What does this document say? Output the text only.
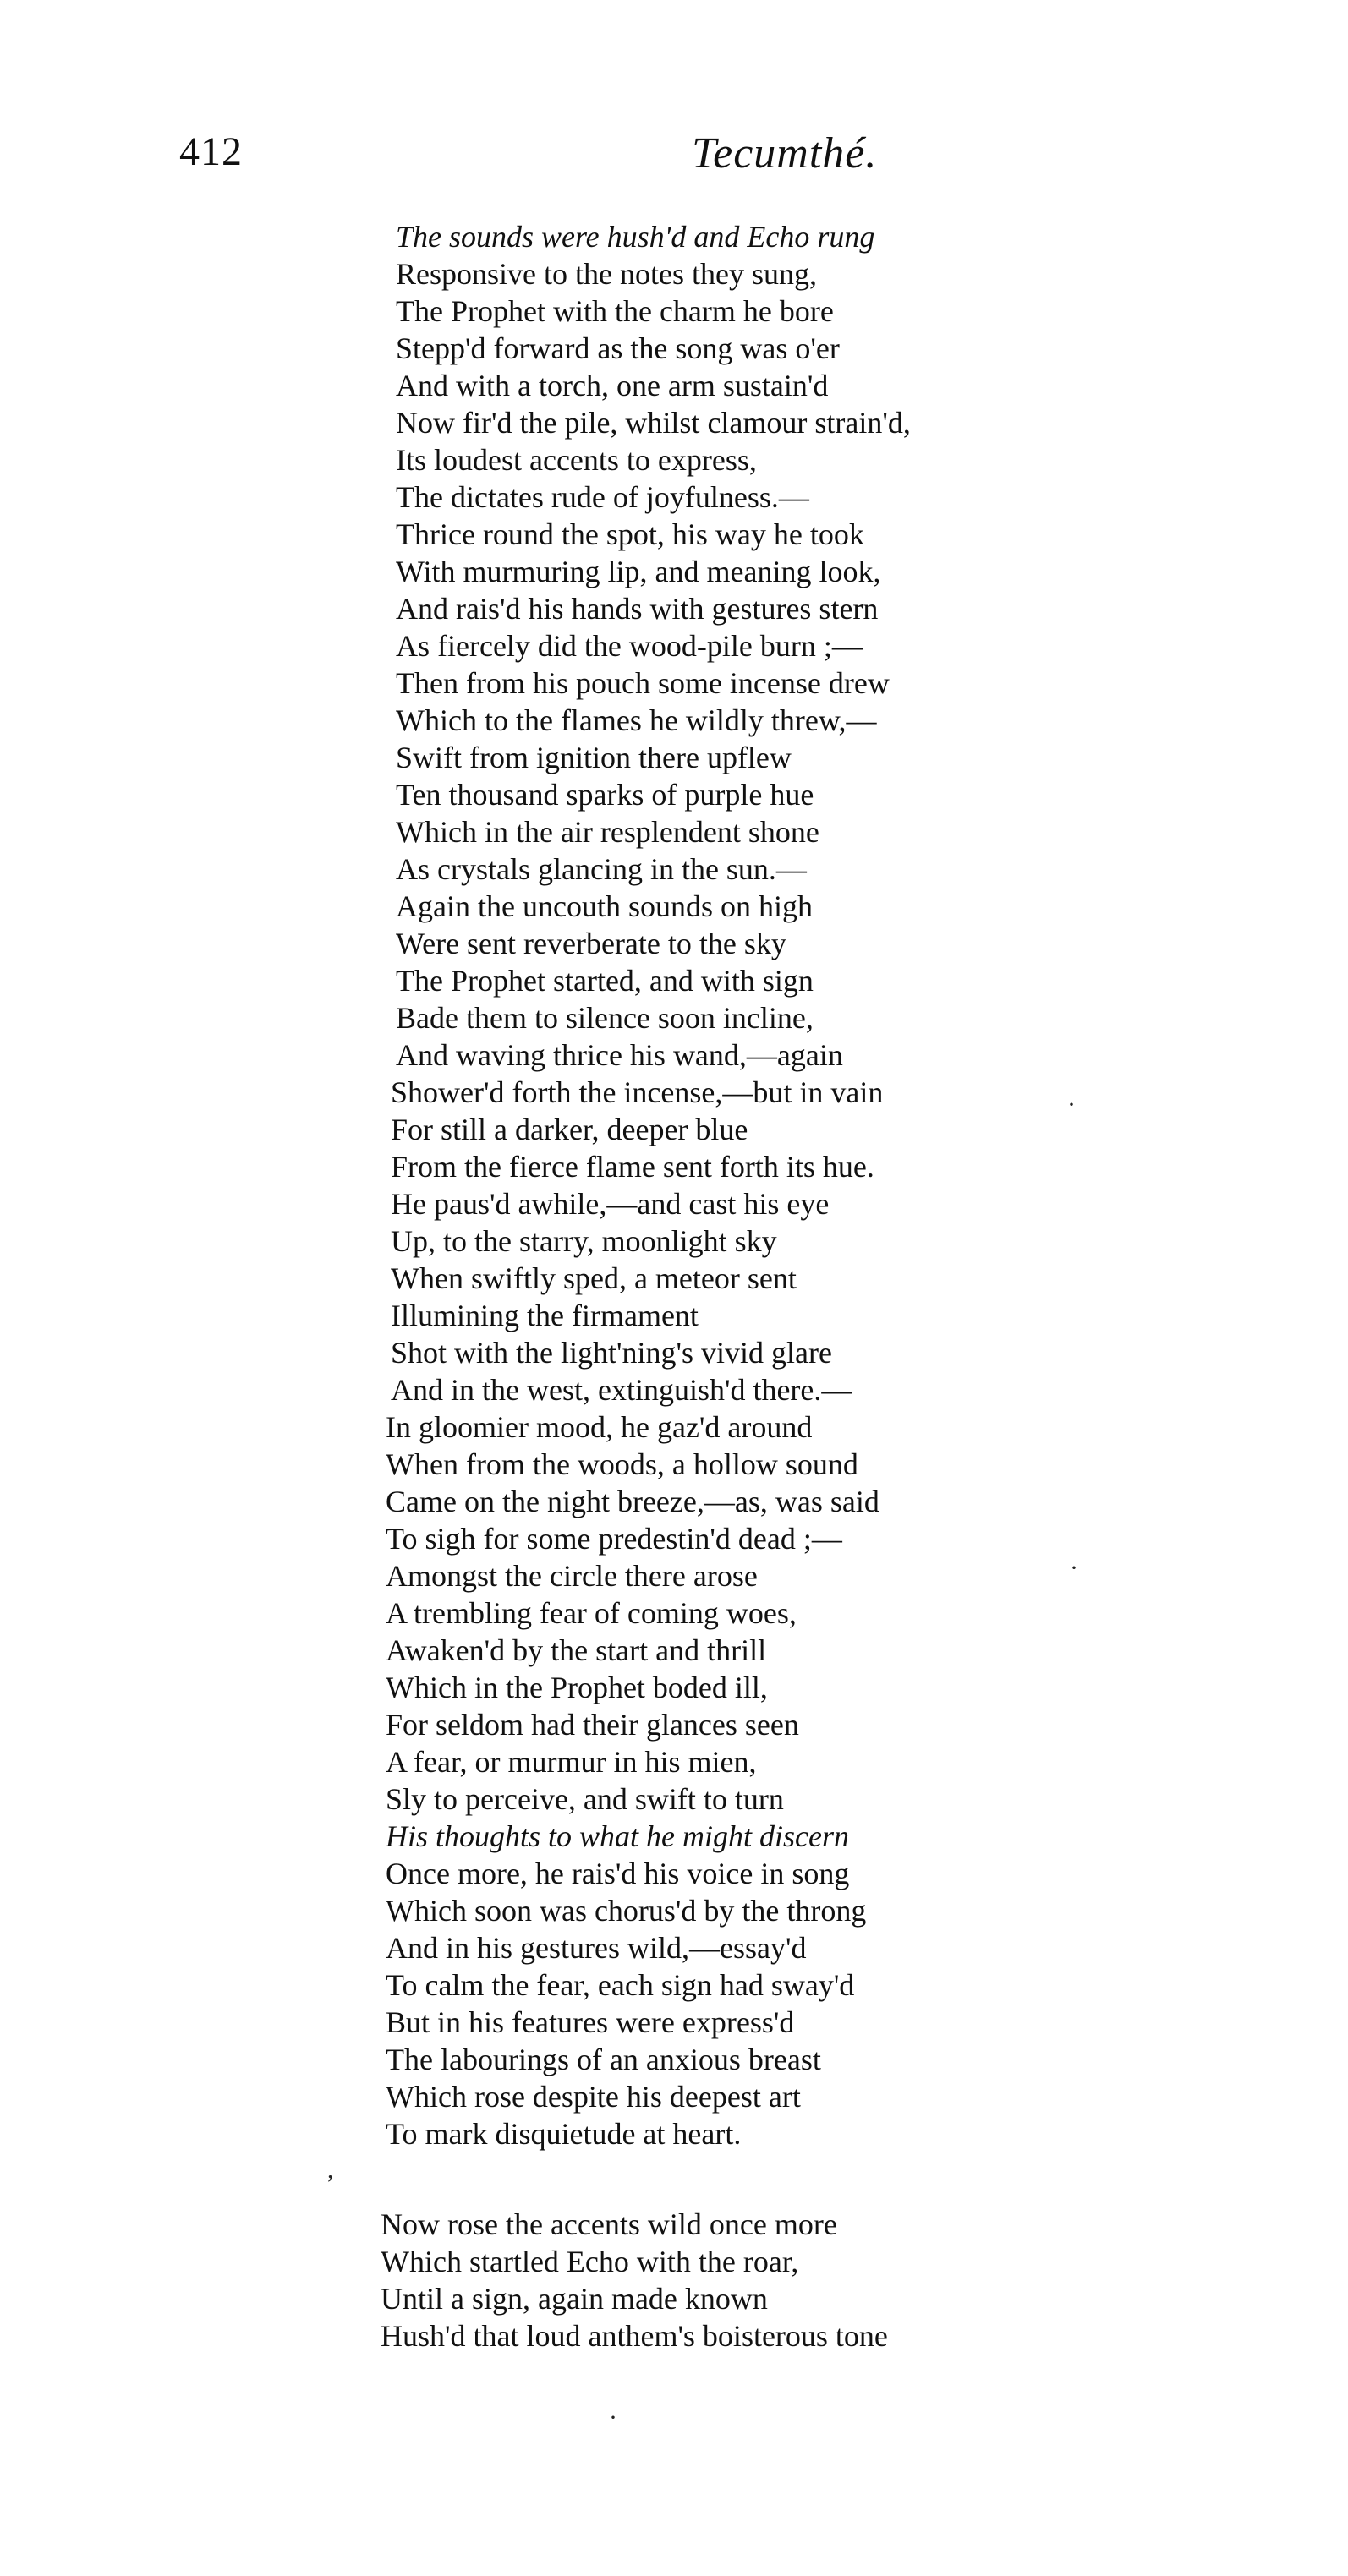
412	Tecumthé.
The sounds were hush'd and Echo rung
Responsive to the notes they sung,
The Prophet with the charm he bore
Stepp'd forward as the song was o'er
And with a torch, one arm sustain'd
Now fir'd the pile, whilst clamour strain'd,
Its loudest accents to express,
The dictates rude of joyfulness.—
Thrice round the spot, his way he took
With murmuring lip, and meaning look,
And rais'd his hands with gestures stern
As fiercely did the wood-pile burn ;—
Then from his pouch some incense drew
Which to the flames he wildly threw,—
Swift from ignition there upflew
Ten thousand sparks of purple hue
Which in the air resplendent shone
As crystals glancing in the sun.—
Again the uncouth sounds on high
Were sent reverberate to the sky
The Prophet started, and with sign
Bade them to silence soon incline,
And waving thrice his wand,—again
Shower'd forth the incense,—but in vain
For still a darker, deeper blue
From the fierce flame sent forth its hue.
He paus'd awhile,—and cast his eye
Up, to the starry, moonlight sky
When swiftly sped, a meteor sent
Illumining the firmament
Shot with the light'ning's vivid glare
And in the west, extinguish'd there.—
In gloomier mood, he gaz'd around
When from the woods, a hollow sound
Came on the night breeze,—as, was said
To sigh for some predestin'd dead ;—
Amongst the circle there arose
A trembling fear of coming woes,
Awaken'd by the start and thrill
Which in the Prophet boded ill,
For seldom had their glances seen
A fear, or murmur in his mien,
Sly to perceive, and swift to turn
His thoughts to what he might discern
Once more, he rais'd his voice in song
Which soon was chorus'd by the throng
And in his gestures wild,—essay'd
To calm the fear, each sign had sway'd
But in his features were express'd
The labourings of an anxious breast
Which rose despite his deepest art
To mark disquietude at heart.
Now rose the accents wild once more
Which startled Echo with the roar,
Until a sign, again made known
Hush'd that loud anthem's boisterous tone
·
·
,
·
